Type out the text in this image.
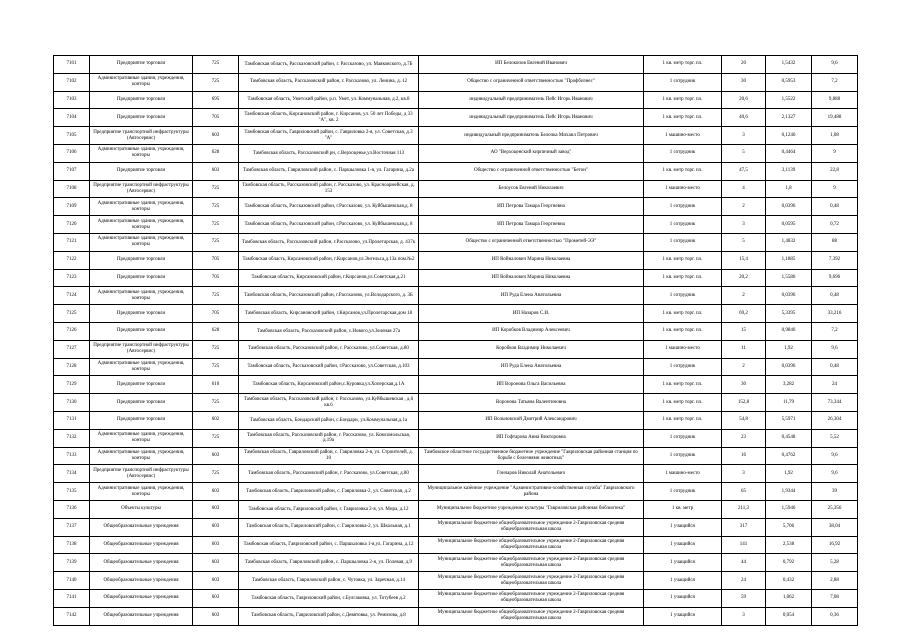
7101	Предприятие торговли	725	Тамбовская область, Рассказовский район, г. Рассказово, ул. Маяковского, д.7Б	ИП Белокопов Евгений Иванович	1 кв. метр торг. пл.	20	1,5432	9,6
7102	Административные здания, учреждения, конторы	725	Тамбовская область, Рассказовский район, г. Рассказово, ул. Ленина, д. 12	Общество с ограниченной ответственностью "Профбизнес"	1 сотрудник	30	0,5953	7,2
7103	Предприятие торговли	695	Тамбовская область, Уметский район, р.п. Умет, ул. Коммунальная, д.2, кв.8	индивидуальный предприниматель Пейс Игорь Иванович	1 кв. метр торг. пл.	20,6	1,5522	9,888
7104	Предприятие торговли	705	Тамбовская область, Кирсановский район, г. Кирсанов, ул. 50 лет Победы, д 33 "А", кв. 2	индивидуальный предприниматель Пейс Игорь Иванович	1 кв. метр торг. пл.	40,6	2,1327	19,488
7105	Предприятие транспортной инфраструктуры (Автосервис)	603	Тамбовская область, Гавриловский район, с. Гавриловка 2-я, ул. Советская, д.3 "А"	индивидуальный предприниматель Белочка Михаил Петрович	1 машино-место	3	0,1246	1,08
7106	Административные здания, учреждения, конторы	628	Тамбовская область, Рассказовский рн, с.Верхоценье,ул.Восточная 113	АО "Верхоценский кирпичный завод"	1 сотрудник	5	0,4464	9
7107	Предприятие торговли	603	Тамбовская область, Гавриловский район, с. Паршыловка 1-я, ул. Гагарина, д.2а	Общество с ограниченной ответственностью "Бетон"	1 кв. метр торг. пл.	47,5	3,1139	22,8
7108	Предприятие транспортной инфраструктуры (Автосервис)	725	Тамбовская область, Рассказовский район, г. Рассказово, ул. Красноармейская, д. 153	Белоусов Евгений Николаевич	1 машино-место	4	1,8	9
7109	Административные здания, учреждения, конторы	725	Тамбовская область, Рассказовский район, г.Рассказово, ул. Куйбышевская,д. 8	ИП Петрова Тамара Георгиевна	1 сотрудник	2	0,0396	0,48
7120	Административные здания, учреждения, конторы	725	Тамбовская область, Рассказовский район, г.Рассказово, ул. Куйбышевская,д. 8	ИП Петрова Тамара Георгиевна	1 сотрудник	3	0,0595	0,72
7121	Административные здания, учреждения, конторы	725	Тамбовская область, Рассказовский район, г.Рассказово, ул.Пролетарская, д. 437к	Общество с ограниченной ответственностью "Прометей-ЭЭ"	1 сотрудник	5	1,4832	88
7122	Предприятие торговли	705	Тамбовская область, Кирсановский район, г.Кирсанов,ул.Энгельса,д.13а пом.№2	ИП Войналович Марина Николаевна	1 кв. метр торг. пл.	15,4	1,1885	7,392
7123	Предприятие торговли	705	Тамбовская область, Кирсановский район, г.Кирсанов,ул.Советская,д.21	ИП Войналович Марина Николаевна	1 кв. метр торг. пл.	20,2	1,5586	9,696
7124	Административные здания, учреждения, конторы	725	Тамбовская область, Рассказовский район, г.Рассказово, ул.Володарского, д. 3Б	ИП Руда Елена Анатольевна	1 сотрудник	2	0,0396	0,48
7125	Предприятие торговли	705	Тамбовская область, Кирсановский район, г.Кирсанов,ул.Пролетарская,дом 18	ИП Назаров С.И.	1 кв. метр торг. пл.	69,2	5,3395	33,216
7126	Предприятие торговли	628	Тамбовская область, Рассказовский район, с.Нового,ул.Зеленая 27а	ИП Коробков Владимир Алексеевич	1 кв. метр торг. пл.	15	0,9846	7,2
7127	Предприятие транспортной инфраструктуры (Автосервис)	725	Тамбовская область, Рассказовский район, г. Рассказово, ул.Советская, д.80	Коробков Владимир Николаевич	1 машино-место	11	1,92	9,6
7128	Административные здания, учреждения, конторы	725	Тамбовская область, Рассказовский район, г.Рассказово, ул.Советская, д.103	ИП Руда Елена Анатольевна	1 сотрудник	2	0,0396	0,48
7129	Предприятие торговли	610	Тамбовская область, Кирсановский район,с.Куровка,ул.Хоперская,д.1А	ИП Воронова Ольга Васильевна	1 кв. метр торг. пл.	30	3,282	24
7130	Предприятие торговли	725	Тамбовская область, Рассказовский район, г. Рассказово, ул.Куйбышевская , д.6 кв.6	Воронова Татьяна Валентиновна	1 кв. метр торг. пл.	152,8	11,79	73,344
7131	Предприятие торговли	602	Тамбовская область, Бондарский район, с.Бондари, ул.Коммунальная,д.1а	ИП Вольновский Дмитрий Александрович	1 кв. метр торг. пл.	54,8	5,5971	26,304
7132	Административные здания, учреждения, конторы	725	Тамбовская область, Рассказовский район, г. Рассказово, ул. Комсомольская, д.19а	ИП Гофтарова Анна Викторовна	1 сотрудник	23	0,4548	5,52
7133	Административные здания, учреждения, конторы	603	Тамбовская область, Гавриловский район, с. Гавриловка 2-я, ул. Строителей, д. 10	Тамбовское областное государственное бюджетное учреждение "Гавриловская районная станция по борьбе с болезнями животных"	1 сотрудник	16	0,4762	9,6
7134	Предприятие транспортной инфраструктуры (Автосервис)	725	Тамбовская область, Рассказовский район, г. Рассказово, ул.Советская, д.80	Гончаров Николай Анатольевич	1 машино-место	3	1,92	9,6
7135	Административные здания, учреждения, конторы	603	Тамбовская область, Гавриловский район, с. Гавриловка-2, ул. Советская, д.2	Муниципальное казённое учреждение "Административно-хозяйственная служба" Гавриловского района	1 сотрудник	65	1,9344	39
7136	Объекты культуры	603	Тамбовская область, Гавриловский район, г. Гавриловка 2-я, ул. Мира, д.12	Муниципальное бюджетное учреждение культуры "Гавриловская районная библиотека"	1 кв. метр	211,3	1,5946	25,356
7137	Общеобразовательные учреждения	603	Тамбовская область, Гавриловский район, с. Гавриловка-2, ул. Школьная, д.1	Муниципальное бюджетное общеобразовательное учреждение 2-Гавриловская средняя общеобразовательная школа	1 учащийся	317	5,706	38,04
7138	Общеобразовательные учреждения	603	Тамбовская область, Гавриловский район, с. Паршыловка 1-я,ул. Гагарина, д.12	Муниципальное бюджетное общеобразовательное учреждение 2-Гавриловская средняя общеобразовательная школа	1 учащийся	141	2,538	16,92
7139	Общеобразовательные учреждения	603	Тамбовская область, Гавриловский район, с. Паршыловка 2-я, ул. Полевая, д.9	Муниципальное бюджетное общеобразовательное учреждение 2-Гавриловская средняя общеобразовательная школа	1 учащийся	44	0,792	5,28
7140	Общеобразовательные учреждения	603	Тамбовская область, Гавриловский район, с. Чутовка, ул. Заречная, д.14	Муниципальное бюджетное общеобразовательное учреждение 2-Гавриловская средняя общеобразовательная школа	1 учащийся	24	0,432	2,88
7141	Общеобразовательные учреждения	603	Тамбовская область, Гавриловский район, с.Булгаковка, ул. Тотубеев д.2	Муниципальное бюджетное общеобразовательное учреждение 2-Гавриловская средняя общеобразовательная школа	1 учащийся	59	1,062	7,08
7142	Общеобразовательные учреждения	603	Тамбовская область, Гавриловский район, с.Девятовка, ул. Ремизова, д.8	Муниципальное бюджетное общеобразовательное учреждение 2-Гавриловская средняя общеобразовательная школа	1 учащийся	3	0,054	0,36
